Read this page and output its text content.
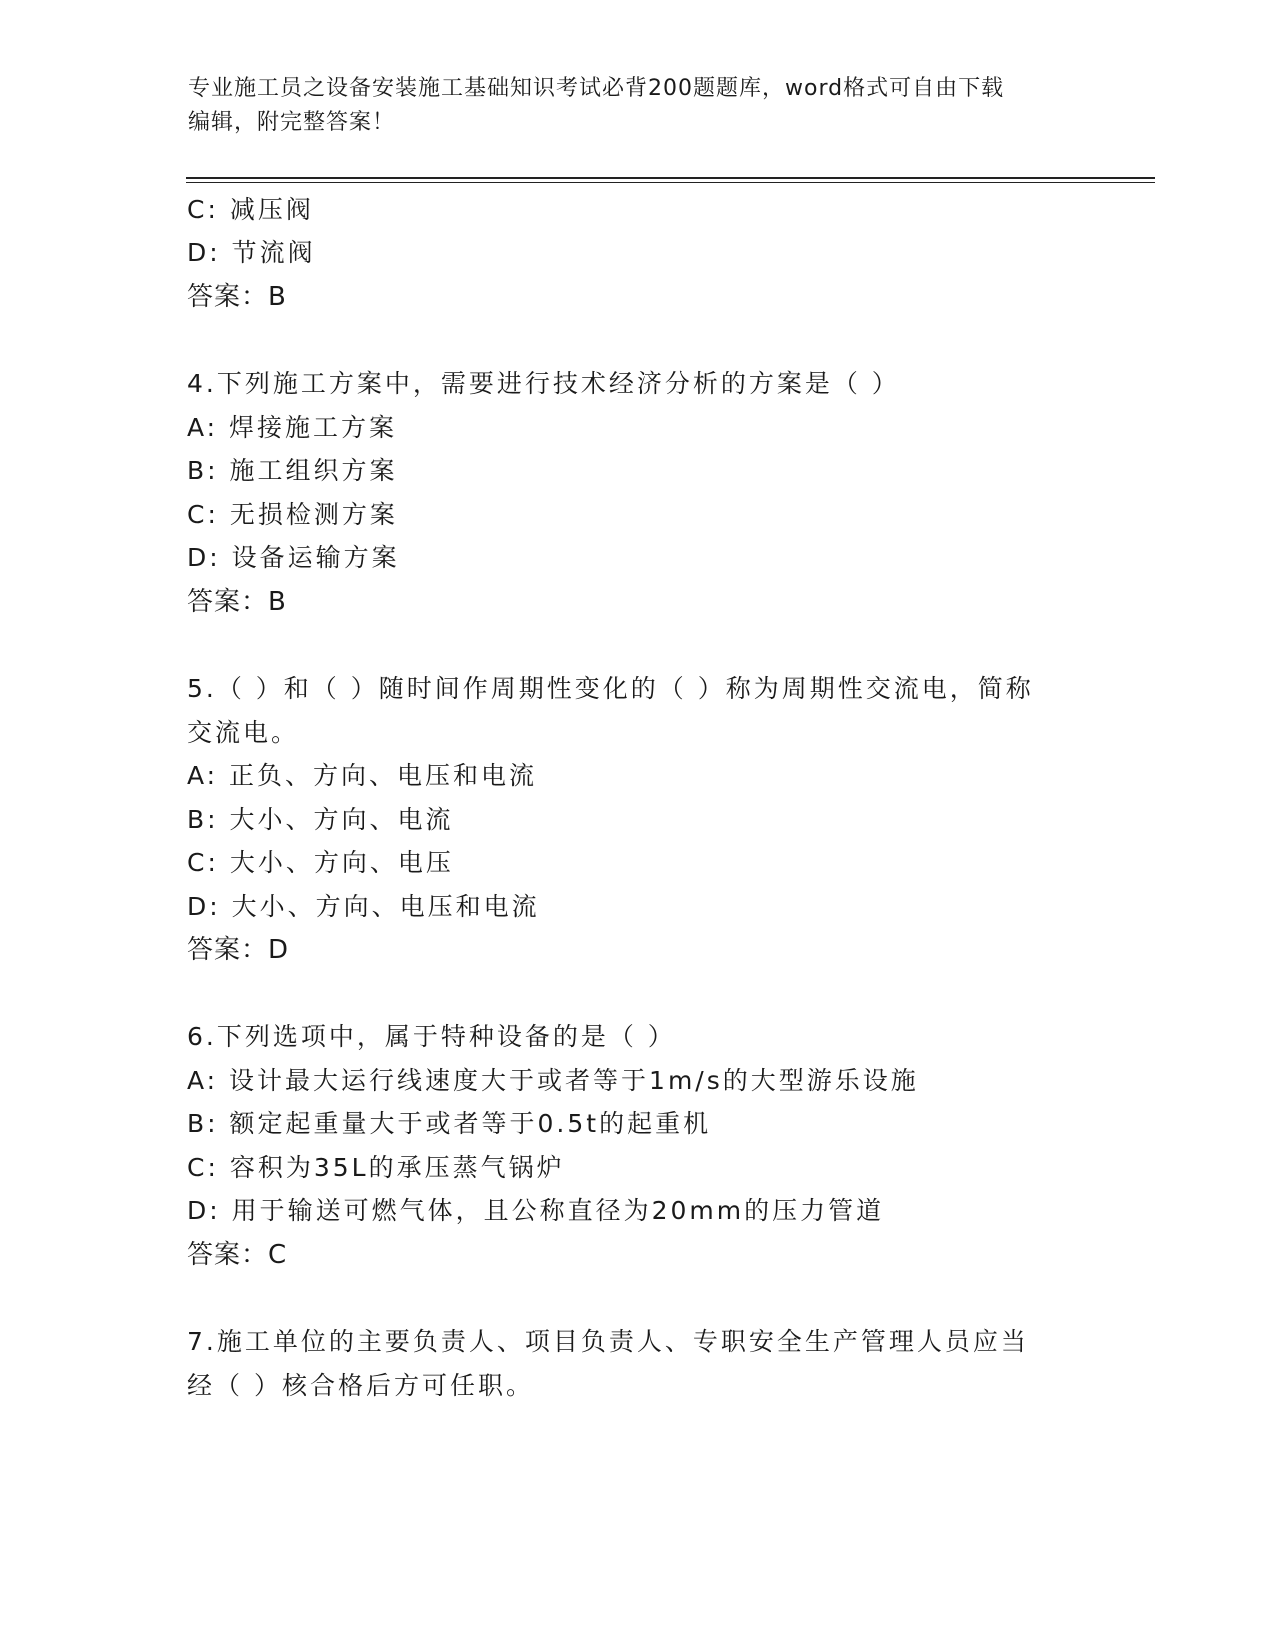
专业施工员之设备安装施工基础知识考试必背200题题库，word格式可自由下载
编辑，附完整答案！
C: 减压阀
D: 节流阀
答案：B
4.下列施工方案中，需要进行技术经济分析的方案是（ ）
A: 焊接施工方案
B: 施工组织方案
C: 无损检测方案
D: 设备运输方案
答案：B
5.（ ）和（ ）随时间作周期性变化的（ ）称为周期性交流电，简称
交流电。
A: 正负、方向、电压和电流
B: 大小、方向、电流
C: 大小、方向、电压
D: 大小、方向、电压和电流
答案：D
6.下列选项中，属于特种设备的是（ ）
A: 设计最大运行线速度大于或者等于1m/s的大型游乐设施
B: 额定起重量大于或者等于0.5t的起重机
C: 容积为35L的承压蒸气锅炉
D: 用于输送可燃气体，且公称直径为20mm的压力管道
答案：C
7.施工单位的主要负责人、项目负责人、专职安全生产管理人员应当
经（ ）核合格后方可任职。
